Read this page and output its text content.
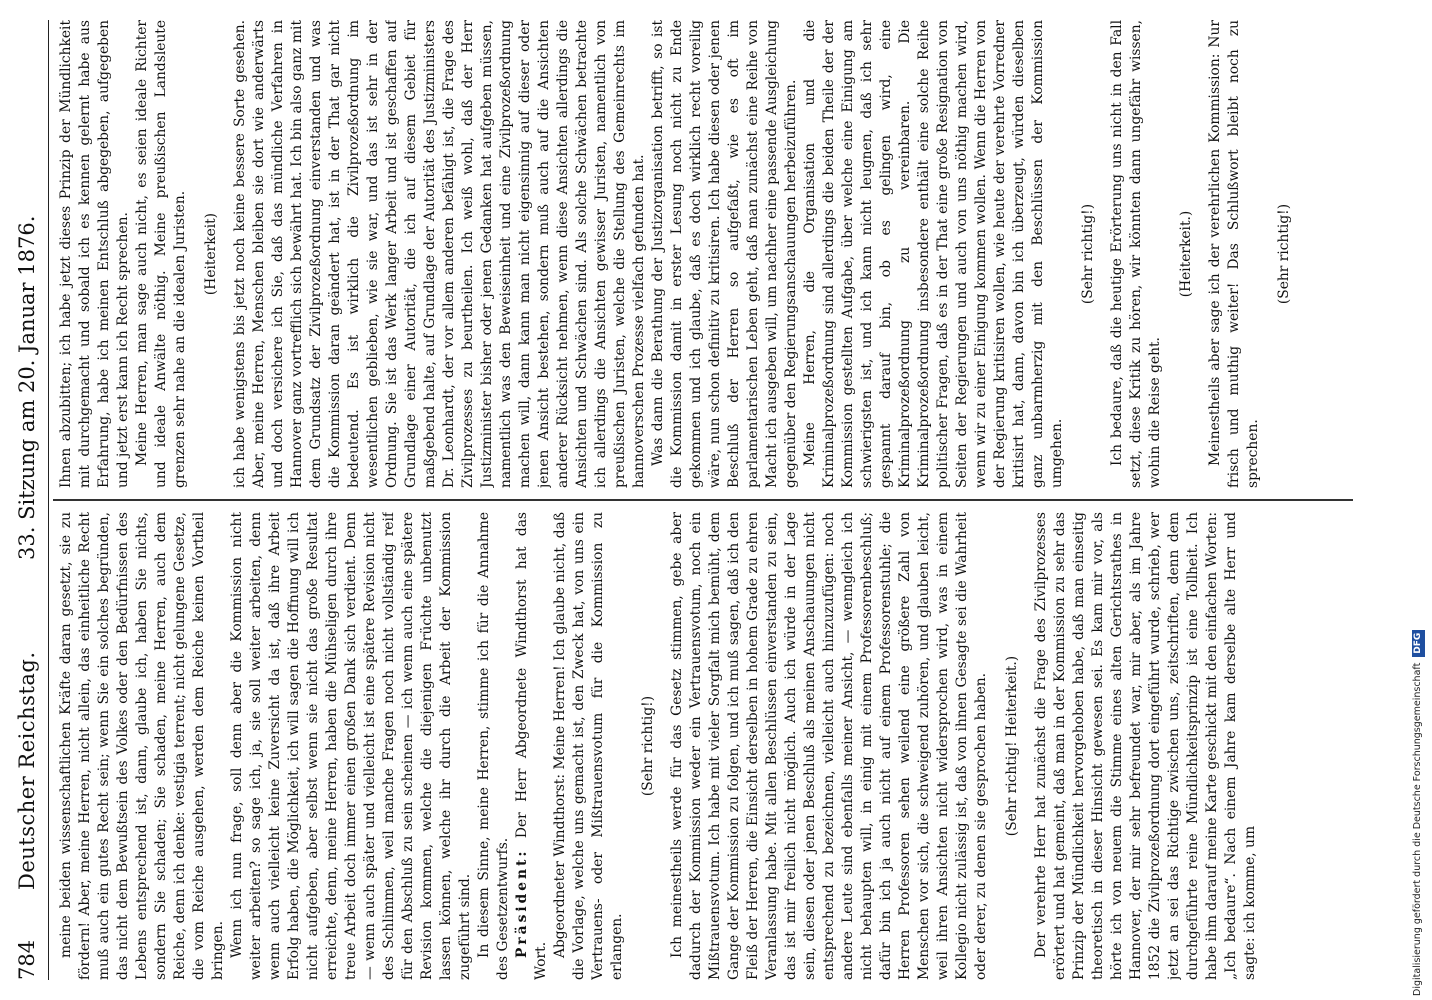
784
Deutscher Reichstag.
33. Sitzung am 20. Januar 1876.

meine beiden wissenschaftlichen Kräfte daran gesetzt, sie zu fördern! Aber, meine Herren, nicht allein, das einheitliche Recht muß auch ein gutes Recht sein; wenn Sie ein solches begründen, das nicht dem Bewußtsein des Volkes oder den Bedürfnissen des Lebens entsprechend ist, dann, glaube ich, haben Sie nichts, sondern Sie schaden; Sie schaden, meine Herren, auch dem Reiche, denn ich denke: vestigia terrent; nicht gelungene Gesetze, die vom Reiche ausgehen, werden dem Reiche keinen Vortheil bringen. Wenn ich nun frage, soll denn aber die Kommission nicht weiter arbeiten? so sage ich, ja, sie soll weiter arbeiten, denn wenn auch vielleicht keine Zuversicht da ist, daß ihre Arbeit Erfolg haben, die Möglichkeit, ich will sagen die Hoffnung will ich nicht aufgeben, aber selbst wenn sie nicht das große Resultat erreichte, denn, meine Herren, haben die Mühseligen durch ihre treue Arbeit doch immer einen großen Dank sich verdient. Denn — wenn auch später und vielleicht ist eine spätere Revision nicht des Schlimmen, weil manche Fragen noch nicht vollständig reif für den Abschluß zu sein scheinen — ich wenn auch eine spätere Revision kommen, welche die diejenigen Früchte unbenutzt lassen können, welche ihr durch die Arbeit der Kommission zugeführt sind. In diesem Sinne, meine Herren, stimme ich für die Annahme des Gesetzentwurfs. Präsident: Der Herr Abgeordnete Windthorst hat das Wort.

Abgeordneter Windthorst: Meine Herren! Ich glaube nicht, daß die Vorlage, welche uns gemacht ist, den Zweck hat, von uns ein Vertrauens- oder Mißtrauensvotum für die Kommission zu erlangen.

(Sehr richtig!) Ich meinestheils werde für das Gesetz stimmen, gebe aber dadurch der Kommission weder ein Vertrauensvotum, noch ein Mißtrauensvotum. Ich habe mit vieler Sorgfalt mich bemüht, dem Gange der Kommission zu folgen, und ich muß sagen, daß ich den Fleiß der Herren, die Einsicht derselben in hohem Grade zu ehren Veranlassung habe. Mit allen Beschlüssen einverstanden zu sein, das ist mir freilich nicht möglich. Auch ich würde in der Lage sein, diesen oder jenen Beschluß als meinen Anschauungen nicht entsprechend zu bezeichnen, vielleicht auch hinzuzufügen: noch andere Leute sind ebenfalls meiner Ansicht, — wenngleich ich nicht behaupten will, in einig mit einem Professorenbeschluß; dafür bin ich ja auch nicht auf einem Professorenstuhle; die Herren Professoren sehen weilend eine größere Zahl von Menschen vor sich, die schweigend zuhören, und glauben leicht, weil ihren Ansichten nicht widersprochen wird, was in einem Kollegio nicht zulässig ist, daß von ihnen Gesagte sei die Wahrheit oder derer, zu denen sie gesprochen haben. (Sehr richtig! Heiterkeit.) Der verehrte Herr hat zunächst die Frage des Zivilprozesses erörtert und hat gemeint, daß man in der Kommission zu sehr das Prinzip der Mündlichkeit hervorgehoben habe, daß man einseitig theoretisch in dieser Hinsicht gewesen sei. Es kam mir vor, als hörte ich von neuem die Stimme eines alten Gerichtsrathes in Hannover, der mir sehr befreundet war, mir aber, als im Jahre 1852 die Zivilprozeßordnung dort eingeführt wurde, schrieb, wer jetzt an sei das Richtige zwischen uns, zeitschriften, denn dem durchgeführte reine Mündlichkeitsprinzip ist eine Tollheit. Ich habe ihm darauf meine Karte geschickt mit den einfachen Worten: „Ich bedaure“. Nach einem Jahre kam derselbe alte Herr und sagte: ich komme, um

Ihnen abzubitten; ich habe jetzt dieses Prinzip der Mündlichkeit mit durchgemacht und sobald ich es kennen gelernt habe aus Erfahrung, habe ich meinen Entschluß abgegeben, aufgegeben und jetzt erst kann ich Recht sprechen. Meine Herren, man sage auch nicht, es seien ideale Richter und ideale Anwälte nöthig. Meine preußischen Landsleute grenzen sehr nahe an die idealen Juristen. (Heiterkeit) ich habe wenigstens bis jetzt noch keine bessere Sorte gesehen. Aber, meine Herren, Menschen bleiben sie dort wie anderwärts und doch versichere ich Sie, daß das mündliche Verfahren in Hannover ganz vortrefflich sich bewährt hat. Ich bin also ganz mit dem Grundsatz der Zivilprozeßordnung einverstanden und was die Kommission daran geändert hat, ist in der That gar nicht bedeutend. Es ist wirklich die Zivilprozeßordnung im wesentlichen geblieben, wie sie war, und das ist sehr in der Ordnung. Sie ist das Werk langer Arbeit und ist geschaffen auf Grundlage einer Autorität, die ich auf diesem Gebiet für maßgebend halte, auf Grundlage der Autorität des Justizministers Dr. Leonhardt, der vor allem anderen befähigt ist, die Frage des Zivilprozesses zu beurtheilen. Ich weiß wohl, daß der Herr Justizminister bisher oder jenen Gedanken hat aufgeben müssen, namentlich was den Beweiseinheit und eine Zivilprozeßordnung machen will, dann kann man nicht eigensinnig auf dieser oder jenen Ansicht bestehen, sondern muß auch auf die Ansichten anderer Rücksicht nehmen, wenn diese Ansichten allerdings die Ansichten und Schwächen sind. Als solche Schwächen betrachte ich allerdings die Ansichten gewisser Juristen, namentlich von preußischen Juristen, welche die Stellung des Gemeinrechts im hannoverschen Prozesse vielfach gefunden hat. Was dann die Berathung der Justizorganisation betrifft, so ist die Kommission damit in erster Lesung noch nicht zu Ende gekommen und ich glaube, daß es doch wirklich recht voreilig wäre, nun schon definitiv zu kritisiren. Ich habe diesen oder jenen Beschluß der Herren so aufgefaßt, wie es oft im parlamentarischen Leben geht, daß man zunächst eine Reihe von Macht ich ausgeben will, um nachher eine passende Ausgleichung gegenüber den Regierungsanschauungen herbeizuführen. Meine Herren, die Organisation und die Kriminalprozeßordnung sind allerdings die beiden Theile der der Kommission gestellten Aufgabe, über welche eine Einigung am schwierigsten ist, und ich kann nicht leugnen, daß ich sehr gespannt darauf bin, ob es gelingen wird, eine Kriminalprozeßordnung zu vereinbaren. Die Kriminalprozeßordnung insbesondere enthält eine solche Reihe politischer Fragen, daß es in der That eine große Resignation von Seiten der Regierungen und auch von uns nöthig machen wird, wenn wir zu einer Einigung kommen wollen. Wenn die Herren von der Regierung kritisiren wollen, wie heute der verehrte Vorredner kritisirt hat, dann, davon bin ich überzeugt, würden dieselben ganz unbarmherzig mit den Beschlüssen der Kommission umgehen.

(Sehr richtig!) Ich bedaure, daß die heutige Erörterung uns nicht in den Fall setzt, diese Kritik zu hören, wir könnten dann ungefähr wissen, wohin die Reise geht.

(Heiterkeit.) Meinestheils aber sage ich der verehrlichen Kommission: Nur frisch und muthig weiter! Das Schlußwort bleibt noch zu sprechen.

(Sehr richtig!)

Digitalisierung gefördert durch die Deutsche ForschungsgemeinschaftDFG
